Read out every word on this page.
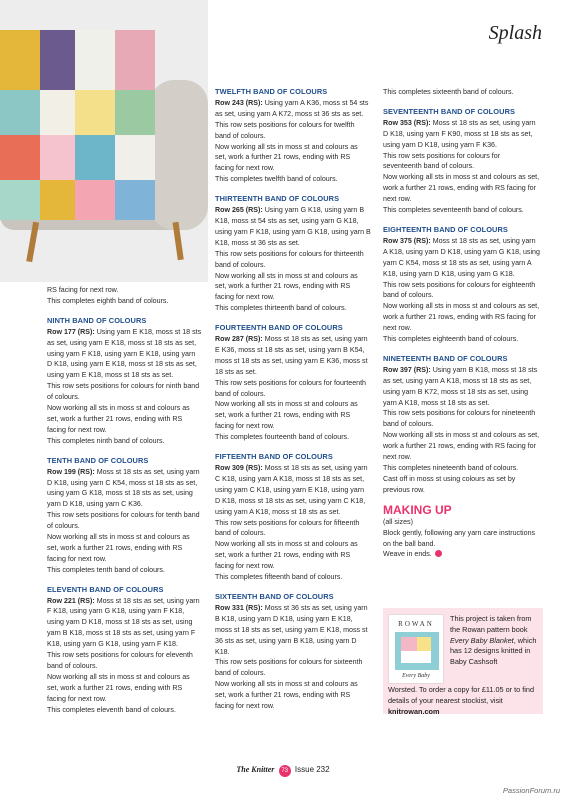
Splash

RS facing for next row.

This completes eighth band of colours.

NINTH BAND OF COLOURS

Row 177 (RS): Using yarn E K18, moss st 18 sts as set, using yarn E K18, moss st 18 sts as set, using yarn F K18, using yarn E K18, using yarn D K18, using yarn E K18, moss st 18 sts as set, using yarn E K18, moss st 18 sts as set.

This row sets positions for colours for ninth band of colours.

Now working all sts in moss st and colours as set, work a further 21 rows, ending with RS facing for next row.

This completes ninth band of colours.

TENTH BAND OF COLOURS

Row 199 (RS): Moss st 18 sts as set, using yarn D K18, using yarn C K54, moss st 18 sts as set, using yarn G K18, moss st 18 sts as set, using yarn D K18, using yarn C K36.

This row sets positions for colours for tenth band of colours.

Now working all sts in moss st and colours as set, work a further 21 rows, ending with RS facing for next row.

This completes tenth band of colours.

ELEVENTH BAND OF COLOURS

Row 221 (RS): Moss st 18 sts as set, using yarn F K18, using yarn G K18, using yarn F K18, using yarn D K18, moss st 18 sts as set, using yarn B K18, moss st 18 sts as set, using yarn F K18, using yarn G K18, using yarn F K18.

This row sets positions for colours for eleventh band of colours.

Now working all sts in moss st and colours as set, work a further 21 rows, ending with RS facing for next row.

This completes eleventh band of colours.

TWELFTH BAND OF COLOURS

Row 243 (RS): Using yarn A K36, moss st 54 sts as set, using yarn A K72, moss st 36 sts as set.

This row sets positions for colours for twelfth band of colours.

Now working all sts in moss st and colours as set, work a further 21 rows, ending with RS facing for next row.

This completes twelfth band of colours.

THIRTEENTH BAND OF COLOURS

Row 265 (RS): Using yarn G K18, using yarn B K18, moss st 54 sts as set, using yarn G K18, using yarn F K18, using yarn G K18, using yarn B K18, moss st 36 sts as set.

This row sets positions for colours for thirteenth band of colours.

Now working all sts in moss st and colours as set, work a further 21 rows, ending with RS facing for next row.

This completes thirteenth band of colours.

FOURTEENTH BAND OF COLOURS

Row 287 (RS): Moss st 18 sts as set, using yarn E K36, moss st 18 sts as set, using yarn B K54, moss st 18 sts as set, using yarn E K36, moss st 18 sts as set.

This row sets positions for colours for fourteenth band of colours.

Now working all sts in moss st and colours as set, work a further 21 rows, ending with RS facing for next row.

This completes fourteenth band of colours.

FIFTEENTH BAND OF COLOURS

Row 309 (RS): Moss st 18 sts as set, using yarn C K18, using yarn A K18, moss st 18 sts as set, using yarn C K18, using yarn E K18, using yarn D K18, moss st 18 sts as set, using yarn C K18, using yarn A K18, moss st 18 sts as set.

This row sets positions for colours for fifteenth band of colours.

Now working all sts in moss st and colours as set, work a further 21 rows, ending with RS facing for next row.

This completes fifteenth band of colours.

SIXTEENTH BAND OF COLOURS

Row 331 (RS): Moss st 36 sts as set, using yarn B K18, using yarn D K18, using yarn E K18, moss st 18 sts as set, using yarn E K18, moss st 36 sts as set, using yarn B K18, using yarn D K18.

This row sets positions for colours for sixteenth band of colours.

Now working all sts in moss st and colours as set, work a further 21 rows, ending with RS facing for next row.

This completes sixteenth band of colours.

SEVENTEENTH BAND OF COLOURS

Row 353 (RS): Moss st 18 sts as set, using yarn D K18, using yarn F K90, moss st 18 sts as set, using yarn D K18, using yarn F K36.

This row sets positions for colours for seventeenth band of colours.

Now working all sts in moss st and colours as set, work a further 21 rows, ending with RS facing for next row.

This completes seventeenth band of colours.

EIGHTEENTH BAND OF COLOURS

Row 375 (RS): Moss st 18 sts as set, using yarn A K18, using yarn D K18, using yarn G K18, using yarn C K54, moss st 18 sts as set, using yarn A K18, using yarn D K18, using yarn G K18.

This row sets positions for colours for eighteenth band of colours.

Now working all sts in moss st and colours as set, work a further 21 rows, ending with RS facing for next row.

This completes eighteenth band of colours.

NINETEENTH BAND OF COLOURS

Row 397 (RS): Using yarn B K18, moss st 18 sts as set, using yarn A K18, moss st 18 sts as set, using yarn B K72, moss st 18 sts as set, using yarn A K18, moss st 18 sts as set.

This row sets positions for colours for nineteenth band of colours.

Now working all sts in moss st and colours as set, work a further 21 rows, ending with RS facing for next row.

This completes nineteenth band of colours.

Cast off in moss st using colours as set by previous row.

MAKING UP

(all sizes)

Block gently, following any yarn care instructions on the ball band.

Weave in ends.

ROWAN
Every Baby
This project is taken from the Rowan pattern book Every Baby Blanket, which has 12 designs knitted in Baby Cashsoft
Worsted. To order a copy for £11.05 or to find details of your nearest stockist, visit knitrowan.com
The Knitter 73 Issue 232
PassionForum.ru
